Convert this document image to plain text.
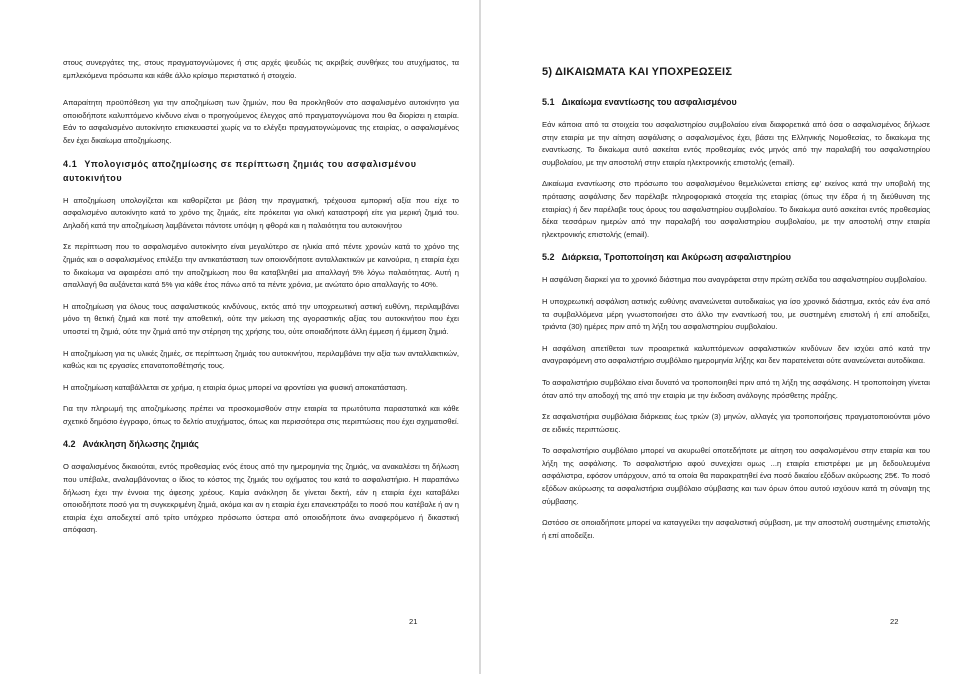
στους συνεργάτες της, στους πραγματογνώμονες ή στις αρχές ψευδώς τις ακριβείς συνθήκες του ατυχήματος, τα εμπλεκόμενα πρόσωπα και κάθε άλλο κρίσιμο περιστατικό ή στοιχείο.

Απαραίτητη προϋπόθεση για την αποζημίωση των ζημιών, που θα προκληθούν στο ασφαλισμένο αυτοκίνητο για οποιοδήποτε καλυπτόμενο κίνδυνο είναι ο προηγούμενος έλεγχος από πραγματογνώμονα που θα διορίσει η εταιρία. Εάν το ασφαλισμένο αυτοκίνητο επισκευαστεί χωρίς να το ελέγξει πραγματογνώμονας της εταιρίας, ο ασφαλισμένος δεν έχει δικαίωμα αποζημίωσης.

4.1 Υπολογισμός αποζημίωσης σε περίπτωση ζημιάς του ασφαλισμένου αυτοκινήτου

Η αποζημίωση υπολογίζεται και καθορίζεται με βάση την πραγματική, τρέχουσα εμπορική αξία που είχε το ασφαλισμένο αυτοκίνητο κατά το χρόνο της ζημιάς, είτε πρόκειται για ολική καταστροφή είτε για μερική ζημιά του. Δηλαδή κατά την αποζημίωση λαμβάνεται πάντοτε υπόψη η φθορά και η παλαιότητα του αυτοκινήτου

Σε περίπτωση που το ασφαλισμένο αυτοκίνητο είναι μεγαλύτερο σε ηλικία από πέντε χρονών κατά το χρόνο της ζημιάς και ο ασφαλισμένος επιλέξει την αντικατάσταση των οποιονδήποτε ανταλλακτικών με καινούρια, η εταιρία έχει το δικαίωμα να αφαιρέσει από την αποζημίωση που θα καταβληθεί μια απαλλαγή 5% λόγω παλαιότητας. Αυτή η απαλλαγή θα αυξάνεται κατά 5% για κάθε έτος πάνω από τα πέντε χρόνια, με ανώτατο όριο απαλλαγής το 40%.

Η αποζημίωση για όλους τους ασφαλιστικούς κινδύνους, εκτός από την υποχρεωτική αστική ευθύνη, περιλαμβάνει μόνο τη θετική ζημιά και ποτέ την αποθετική, ούτε την μείωση της αγοραστικής αξίας του αυτοκινήτου που έχει υποστεί τη ζημιά, ούτε την ζημιά από την στέρηση της χρήσης του, ούτε οποιαδήποτε άλλη έμμεση ή έμμεση ζημιά.

Η αποζημίωση για τις υλικές ζημιές, σε περίπτωση ζημιάς του αυτοκινήτου, περιλαμβάνει την αξία των ανταλλακτικών, καθώς και τις εργασίες επανατοποθέτησής τους.

Η αποζημίωση καταβάλλεται σε χρήμα, η εταιρία όμως μπορεί να φροντίσει για φυσική αποκατάσταση.

Για την πληρωμή της αποζημίωσης πρέπει να προσκομισθούν στην εταιρία τα πρωτότυπα παραστατικά και κάθε σχετικό δημόσιο έγγραφο, όπως το δελτίο ατυχήματος, όπως και περισσότερα στις περιπτώσεις που έχει σχηματισθεί.

4.2 Ανάκληση δήλωσης ζημιάς

Ο ασφαλισμένος δικαιούται, εντός προθεσμίας ενός έτους από την ημερομηνία της ζημιάς, να ανακαλέσει τη δήλωση που υπέβαλε, αναλαμβάνοντας ο ίδιος το κόστος της ζημιάς του οχήματος του κατά το ασφαλιστήριο. Η παραπάνω δήλωση έχει την έννοια της άφεσης χρέους. Καμία ανάκληση δε γίνεται δεκτή, εάν η εταιρία έχει καταβάλει οποιοδήποτε ποσό για τη συγκεκριμένη ζημιά, ακόμα και αν η εταιρία έχει επανειστράξει το ποσό που κατέβαλε ή αν η εταιρία έχει αποδεχτεί από τρίτο υπόχρεο πρόσωπο ύστερα από οποιοδήποτε άνω αναφερόμενο ή δικαστική απόφαση.

21
5) ΔΙΚΑΙΩΜΑΤΑ ΚΑΙ ΥΠΟΧΡΕΩΣΕΙΣ
5.1 Δικαίωμα εναντίωσης του ασφαλισμένου

Εάν κάποια από τα στοιχεία του ασφαλιστηρίου συμβολαίου είναι διαφορετικά από όσα ο ασφαλισμένος δήλωσε στην εταιρία με την αίτηση ασφάλισης ο ασφαλισμένος έχει, βάσει της Ελληνικής Νομοθεσίας, το δικαίωμα της εναντίωσης. Το δικαίωμα αυτό ασκείται εντός προθεσμίας ενός μηνός από την παραλαβή του ασφαλιστηρίου συμβολαίου, με την αποστολή στην εταιρία ηλεκτρονικής επιστολής (email).

Δικαίωμα εναντίωσης στο πρόσωπο του ασφαλισμένου θεμελιώνεται επίσης εφ' εκείνος κατά την υποβολή της πρότασης ασφάλισης δεν παρέλαβε πληροφοριακά στοιχεία της εταιρίας (όπως την έδρα ή τη διεύθυνση της εταιρίας) ή δεν παρέλαβε τους όρους του ασφαλιστηρίου συμβολαίου. Το δικαίωμα αυτό ασκείται εντός προθεσμίας δέκα τεσσάρων ημερών από την παραλαβή του ασφαλιστηρίου συμβολαίου, με την αποστολή στην εταιρία ηλεκτρονικής επιστολής (email).

5.2 Διάρκεια, Τροποποίηση και Ακύρωση ασφαλιστηρίου

Η ασφάλιση διαρκεί για το χρονικό διάστημα που αναγράφεται στην πρώτη σελίδα του ασφαλιστηρίου συμβολαίου.

Η υποχρεωτική ασφάλιση αστικής ευθύνης ανανεώνεται αυτοδικαίως για ίσο χρονικό διάστημα, εκτός εάν ένα από τα συμβαλλόμενα μέρη γνωστοποιήσει στο άλλο την εναντίωσή του, με συστημένη επιστολή ή επί αποδείξει, τριάντα (30) ημέρες πριν από τη λήξη του ασφαλιστηρίου συμβολαίου.

Η ασφάλιση απετίθεται των προαιρετικά καλυπτόμενων ασφαλιστικών κινδύνων δεν ισχύει από κατά την αναγραφόμενη στο ασφαλιστήριο συμβόλαιο ημερομηνία λήξης και δεν παρατείνεται ούτε ανανεώνεται αυτοδίκαια.

Το ασφαλιστήριο συμβόλαιο είναι δυνατό να τροποποιηθεί πριν από τη λήξη της ασφάλισης. Η τροποποίηση γίνεται όταν από την αποδοχή της από την εταιρία με την έκδοση ανάλογης πρόσθετης πράξης.

Σε ασφαλιστήρια συμβόλαια διάρκειας έως τριών (3) μηνών, αλλαγές για τροποποιήσεις πραγματοποιούνται μόνο σε ειδικές περιπτώσεις.

Το ασφαλιστήριο συμβόλαιο μπορεί να ακυρωθεί οποτεδήποτε με αίτηση του ασφαλισμένου στην εταιρία και του λήξη της ασφάλισης. Το ασφαλιστήριο αφού συνεχίσει ομως ...η εταιρία επιστρέφει με μη δεδουλευμένα ασφάλιστρα, εφόσον υπάρχουν, από τα οποία θα παρακρατηθεί ένα ποσό δικαίου εξόδων ακύρωσης 25€. Το ποσό εξόδων ακύρωσης τα ασφαλιστήρια συμβόλαιο σύμβασης και των όρων όπου αυτού ισχύουν κατά τη σύναψη της σύμβασης.

Ωστόσο σε οποιαδήποτε μπορεί να καταγγείλει την ασφαλιστική σύμβαση, με την αποστολή συστημένης επιστολής ή επί αποδείξει.

22
